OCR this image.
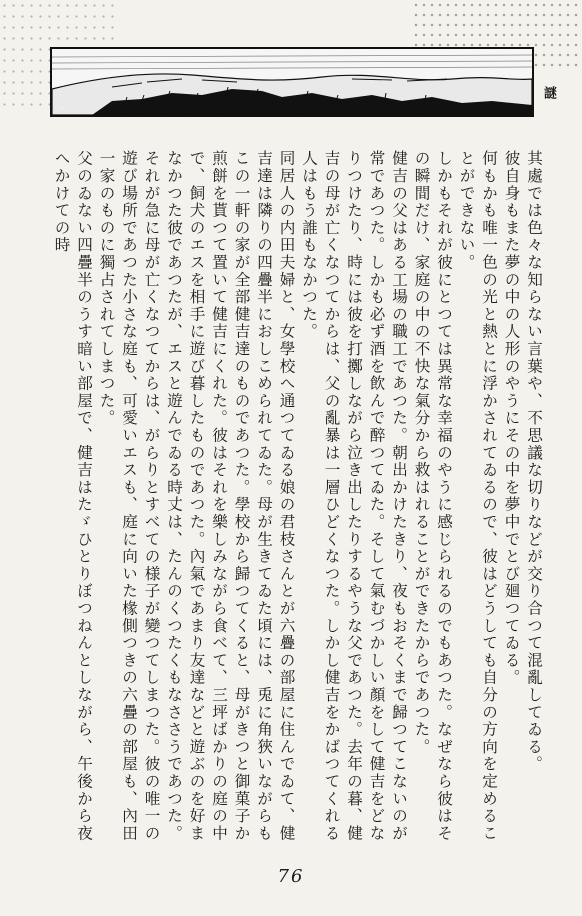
-
謎

其處では色々な知らない言葉や、不思議な切りなどが交り合つて混亂してゐる。

彼自身もまた夢の中の人形のやうにその中を夢中でとび廻つてゐる。

何もかも唯一色の光と熱とに浮かされてゐるので、彼はどうしても自分の方向を定めることができない。

しかもそれが彼にとつては異常な幸福のやうに感じられるのでもあつた。なぜなら彼はその瞬間だけ、家庭の中の不快な氣分から救はれることができたからであつた。

健吉の父はある工場の職工であつた。朝出かけたきり、夜もおそくまで歸つてこないのが常であつた。しかも必ず酒を飲んで醉つてゐた。そして氣むづかしい顏をして健吉をどなりつけたり、時には彼を打擲しながら泣き出したりするやうな父であつた。去年の暮、健吉の母が亡くなつてからは、父の亂暴は一層ひどくなつた。しかし健吉をかばつてくれる人はもう誰もなかつた。

同居人の内田夫婦と、女學校へ通つてゐる娘の君枝さんとが六疊の部屋に住んでゐて、健吉達は隣りの四疊半におしこめられてゐた。母が生きてゐた頃には、兎に角狹いながらもこの一軒の家が全部健吉達のものであつた。學校から歸つてくると、母がきつと御菓子か煎餅を貰つて置いて健吉にくれた。彼はそれを樂しみながら食べて、三坪ばかりの庭の中で、飼犬のエスを相手に遊び暮したものであつた。內氣であまり友達などと遊ぶのを好まなかつた彼であつたが、エスと遊んでゐる時丈は、たんのくつたくもなささうであつた。

それが急に母が亡くなつてからは、がらりとすべての様子が變つてしまつた。彼の唯一の遊び場所であつた小さな庭も、可愛いエスも、庭に向いた椽側つきの六疊の部屋も、內田一家のものに獨占されてしまつた。

父のゐない四疊半のうす暗い部屋で、健吉はたゞひとりぼつねんとしながら、午後から夜へかけての時

76
